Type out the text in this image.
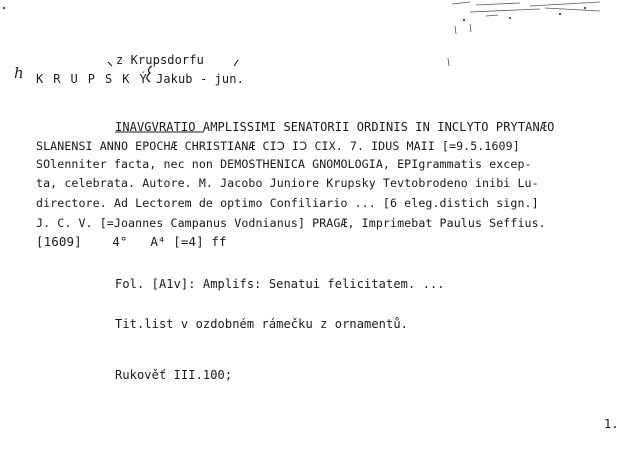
h
z Krupsdorfu
K R U P S K Ý Jakub - jun.
INAVGVRATIO AMPLISSIMI SENATORII ORDINIS IN INCLYTO PRYTANÆO
SLANENSI ANNO EPOCHÆ CHRISTIANÆ CIↃ IↃ CIX. 7. IDUS MAII [=9.5.1609]
SOlenniter facta, nec non DEMOSTHENICA GNOMOLOGIA, EPIgrammatis excep-
ta, celebrata. Autore. M. Jacobo Juniore Krupsky Tevtobrodeno inibi Lu-
directore. Ad Lectorem de optimo Confiliario ... [6 eleg.distich sign.]
J. C. V. [=Joannes Campanus Vodnianus] PRAGÆ, Imprimebat Paulus Seffius.
[1609]    4°   A⁴ [=4] ff
Fol. [A1v]: Amplifs: Senatui felicitatem. ...
Tit.list v ozdobném rámečku z ornamentů.
Rukověť III.100;
1.
